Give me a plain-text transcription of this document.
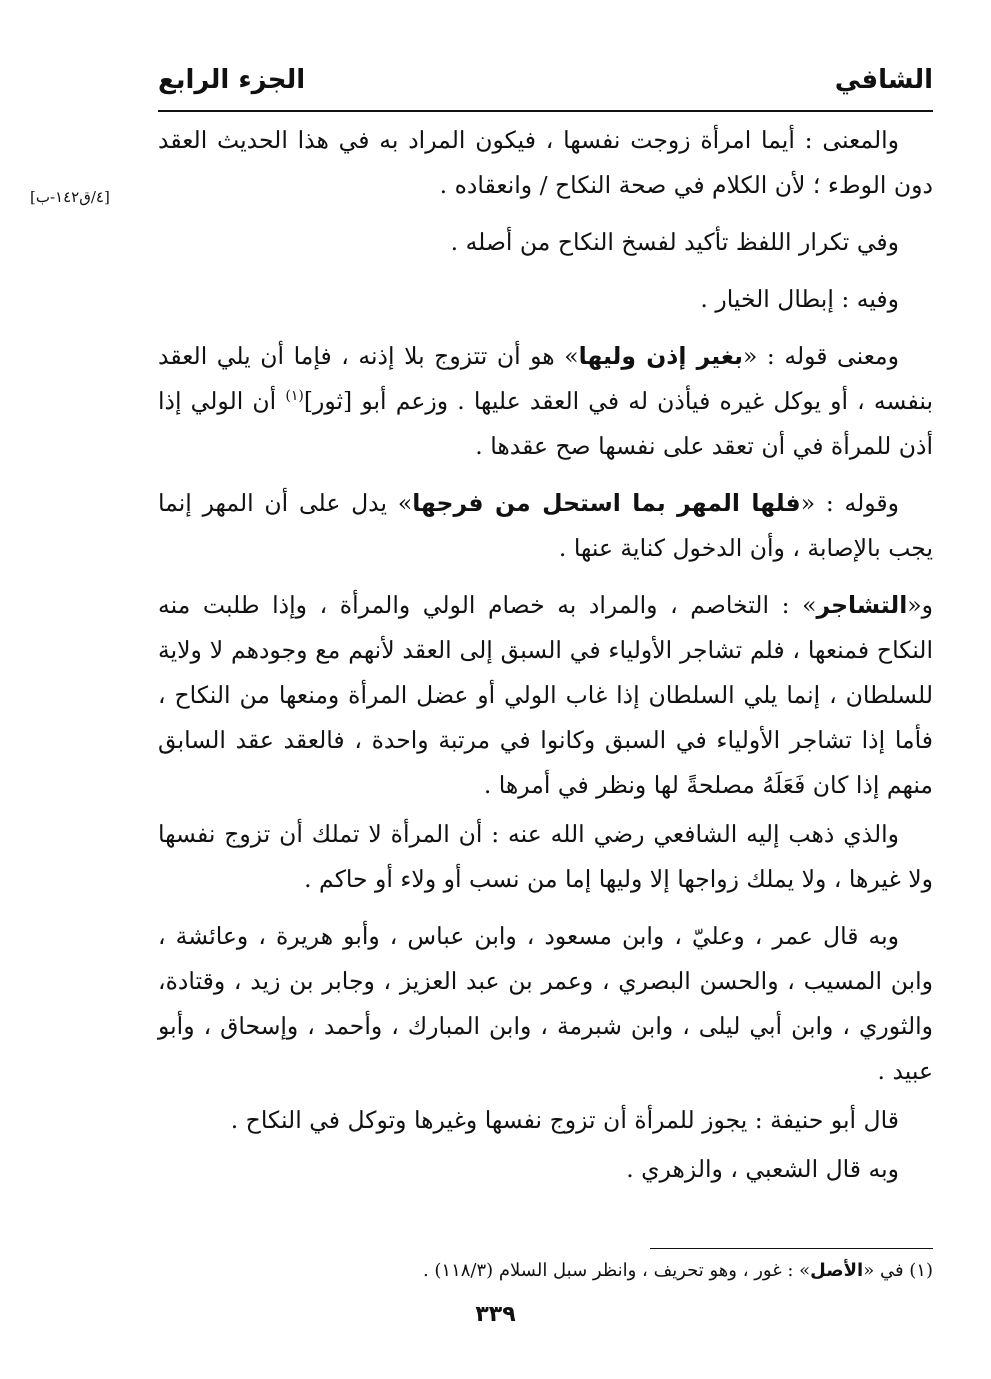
الشافي
الجزء الرابع
[٤/ق١٤٢-ب]

والمعنى : أيما امرأة زوجت نفسها ، فيكون المراد به في هذا الحديث العقد دون الوطء ؛ لأن الكلام في صحة النكاح / وانعقاده .

وفي تكرار اللفظ تأكيد لفسخ النكاح من أصله .

وفيه : إبطال الخيار .

ومعنى قوله : «بغير إذن وليها» هو أن تتزوج بلا إذنه ، فإما أن يلي العقد بنفسه ، أو يوكل غيره فيأذن له في العقد عليها . وزعم أبو [ثور]$^{(١)}$ أن الولي إذا أذن للمرأة في أن تعقد على نفسها صح عقدها .

وقوله : «فلها المهر بما استحل من فرجها» يدل على أن المهر إنما يجب بالإصابة ، وأن الدخول كناية عنها .

و«التشاجر» : التخاصم ، والمراد به خصام الولي والمرأة ، وإذا طلبت منه النكاح فمنعها ، فلم تشاجر الأولياء في السبق إلى العقد لأنهم مع وجودهم لا ولاية للسلطان ، إنما يلي السلطان إذا غاب الولي أو عضل المرأة ومنعها من النكاح ، فأما إذا تشاجر الأولياء في السبق وكانوا في مرتبة واحدة ، فالعقد عقد السابق منهم إذا كان فَعَلَهُ مصلحةً لها ونظر في أمرها .

والذي ذهب إليه الشافعي رضي الله عنه : أن المرأة لا تملك أن تزوج نفسها ولا غيرها ، ولا يملك زواجها إلا وليها إما من نسب أو ولاء أو حاكم .

وبه قال عمر ، وعليّ ، وابن مسعود ، وابن عباس ، وأبو هريرة ، وعائشة ، وابن المسيب ، والحسن البصري ، وعمر بن عبد العزيز ، وجابر بن زيد ، وقتادة، والثوري ، وابن أبي ليلى ، وابن شبرمة ، وابن المبارك ، وأحمد ، وإسحاق ، وأبو عبيد .

قال أبو حنيفة : يجوز للمرأة أن تزوج نفسها وغيرها وتوكل في النكاح .

وبه قال الشعبي ، والزهري .

(١) في «الأصل» : غور ، وهو تحريف ، وانظر سبل السلام (١١٨/٣) .
٣٣٩
